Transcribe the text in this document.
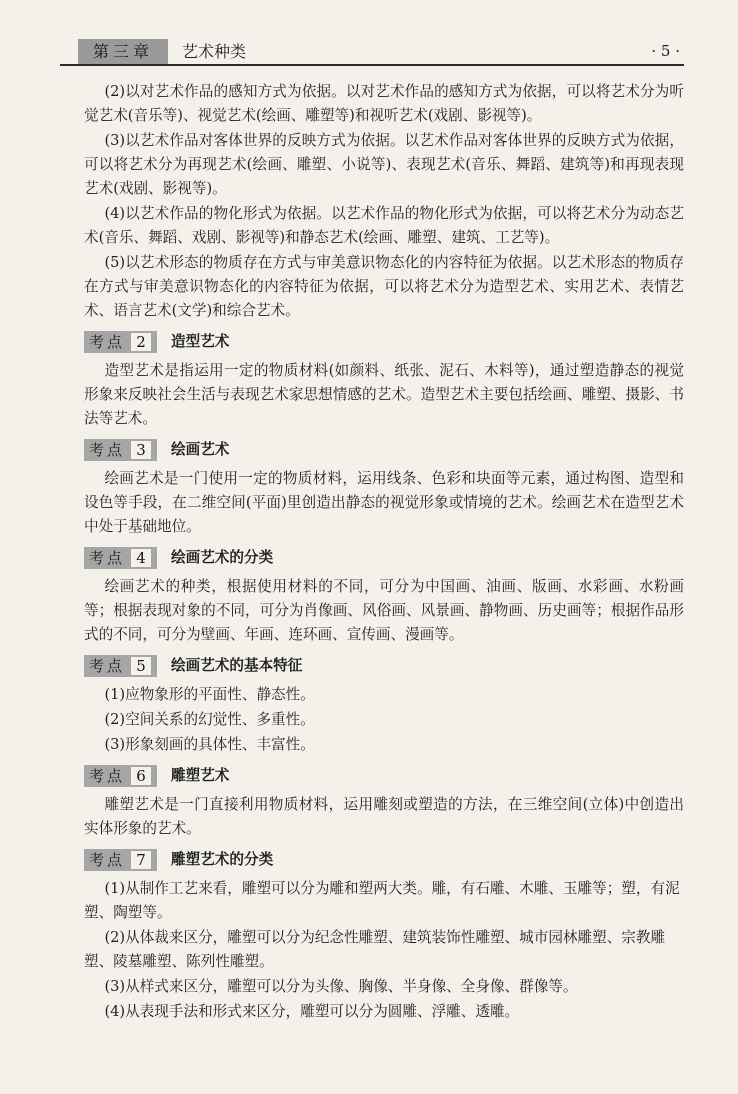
第三章	艺术种类	· 5 ·

(2)以对艺术作品的感知方式为依据。以对艺术作品的感知方式为依据，可以将艺术分为听觉艺术(音乐等)、视觉艺术(绘画、雕塑等)和视听艺术(戏剧、影视等)。

(3)以艺术作品对客体世界的反映方式为依据。以艺术作品对客体世界的反映方式为依据，可以将艺术分为再现艺术(绘画、雕塑、小说等)、表现艺术(音乐、舞蹈、建筑等)和再现表现艺术(戏剧、影视等)。

(4)以艺术作品的物化形式为依据。以艺术作品的物化形式为依据，可以将艺术分为动态艺术(音乐、舞蹈、戏剧、影视等)和静态艺术(绘画、雕塑、建筑、工艺等)。

(5)以艺术形态的物质存在方式与审美意识物态化的内容特征为依据。以艺术形态的物质存在方式与审美意识物态化的内容特征为依据，可以将艺术分为造型艺术、实用艺术、表情艺术、语言艺术(文学)和综合艺术。

考点 2	造型艺术

造型艺术是指运用一定的物质材料(如颜料、纸张、泥石、木料等)，通过塑造静态的视觉形象来反映社会生活与表现艺术家思想情感的艺术。造型艺术主要包括绘画、雕塑、摄影、书法等艺术。

考点 3	绘画艺术

绘画艺术是一门使用一定的物质材料，运用线条、色彩和块面等元素，通过构图、造型和设色等手段，在二维空间(平面)里创造出静态的视觉形象或情境的艺术。绘画艺术在造型艺术中处于基础地位。

考点 4	绘画艺术的分类

绘画艺术的种类，根据使用材料的不同，可分为中国画、油画、版画、水彩画、水粉画等；根据表现对象的不同，可分为肖像画、风俗画、风景画、静物画、历史画等；根据作品形式的不同，可分为壁画、年画、连环画、宣传画、漫画等。

考点 5	绘画艺术的基本特征

(1)应物象形的平面性、静态性。

(2)空间关系的幻觉性、多重性。

(3)形象刻画的具体性、丰富性。

考点 6	雕塑艺术

雕塑艺术是一门直接利用物质材料，运用雕刻或塑造的方法，在三维空间(立体)中创造出实体形象的艺术。

考点 7	雕塑艺术的分类

(1)从制作工艺来看，雕塑可以分为雕和塑两大类。雕，有石雕、木雕、玉雕等；塑，有泥塑、陶塑等。

(2)从体裁来区分，雕塑可以分为纪念性雕塑、建筑装饰性雕塑、城市园林雕塑、宗教雕塑、陵墓雕塑、陈列性雕塑。

(3)从样式来区分，雕塑可以分为头像、胸像、半身像、全身像、群像等。

(4)从表现手法和形式来区分，雕塑可以分为圆雕、浮雕、透雕。
